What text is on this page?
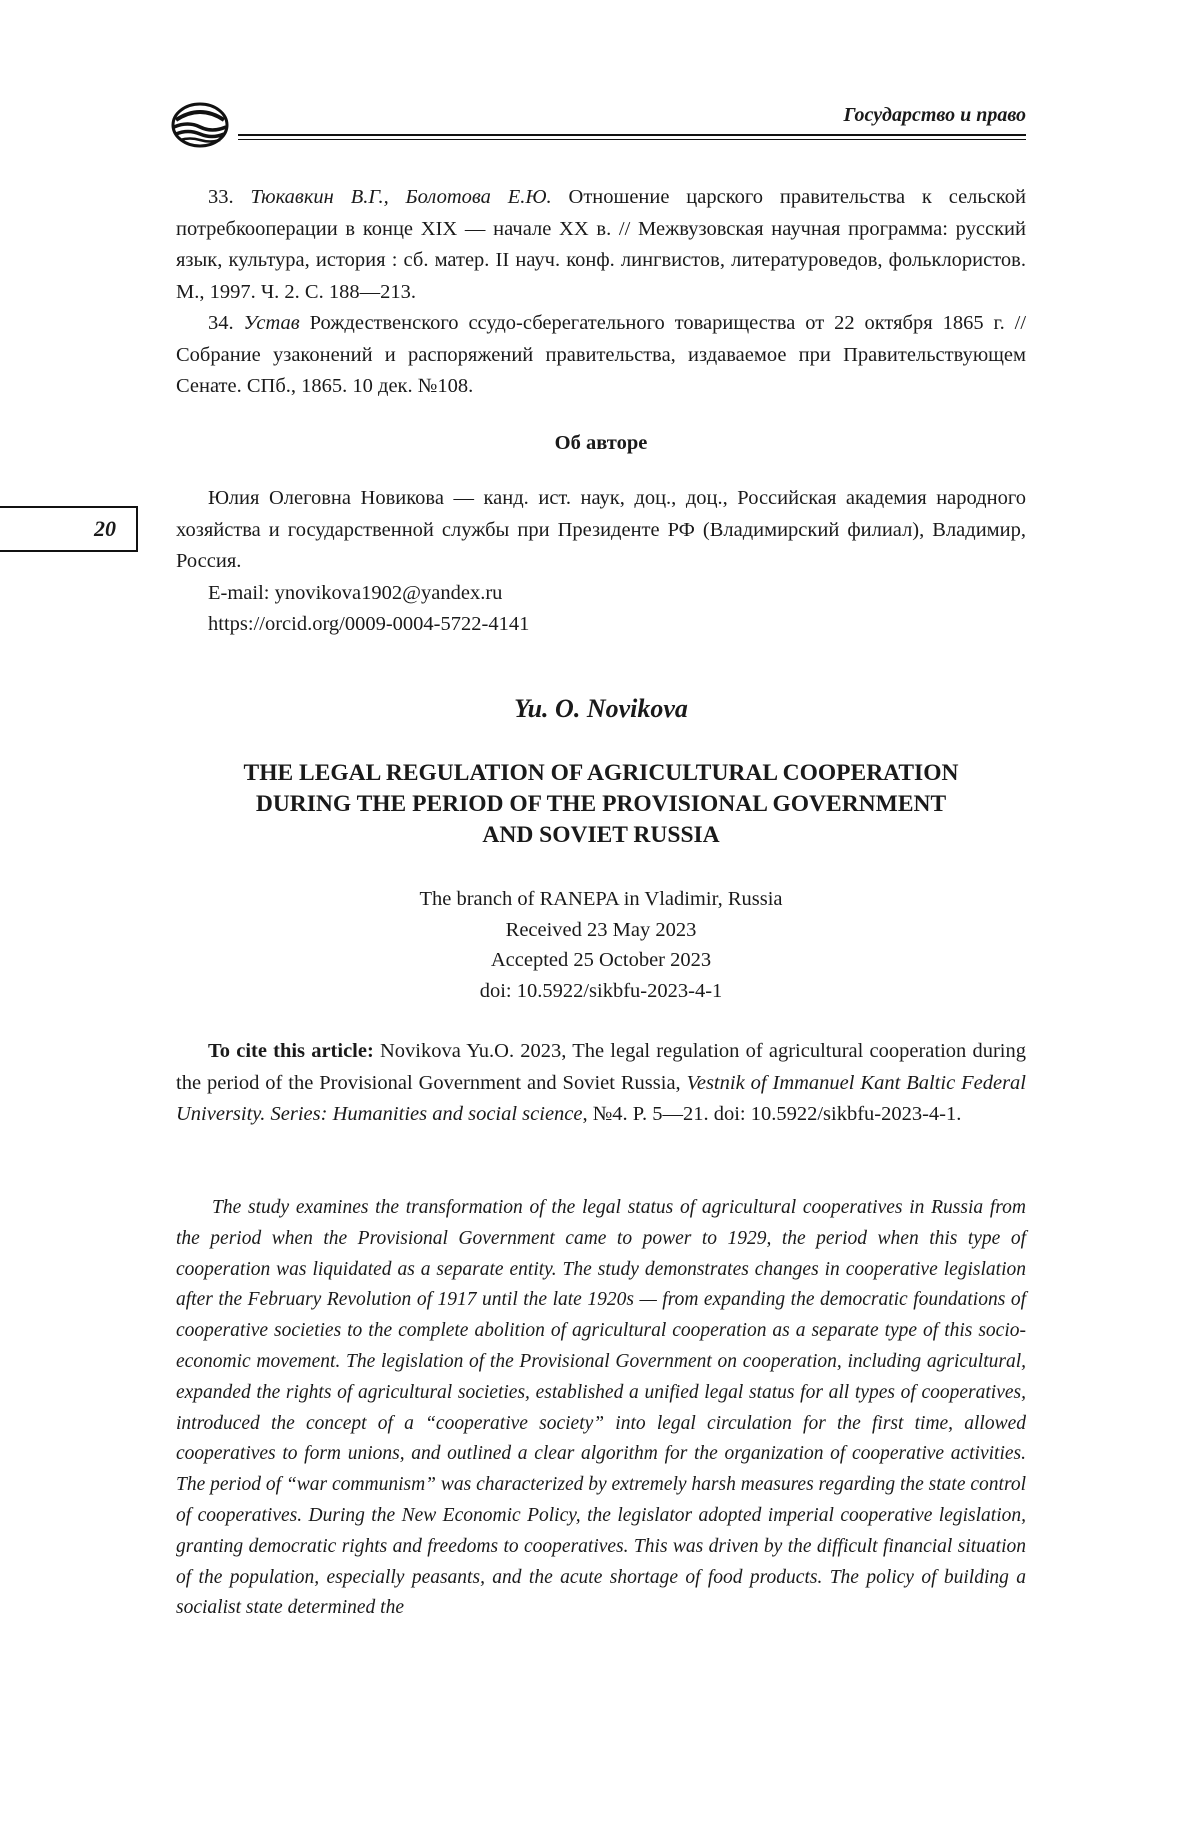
Государство и право
20

33. Тюкавкин В.Г., Болотова Е.Ю. Отношение царского правительства к сельской потребкооперации в конце XIX — начале XX в. // Межвузовская научная программа: русский язык, культура, история : сб. матер. II науч. конф. лингвистов, литературоведов, фольклористов. М., 1997. Ч. 2. С. 188—213.

34. Устав Рождественского ссудо-сберегательного товарищества от 22 октября 1865 г. // Собрание узаконений и распоряжений правительства, издаваемое при Правительствующем Сенате. СПб., 1865. 10 дек. №108.

Об авторе

Юлия Олеговна Новикова — канд. ист. наук, доц., доц., Российская академия народного хозяйства и государственной службы при Президенте РФ (Владимирский филиал), Владимир, Россия.

E-mail: ynovikova1902@yandex.ru
https://orcid.org/0009-0004-5722-4141
Yu. O. Novikova
THE LEGAL REGULATION OF AGRICULTURAL COOPERATION
DURING THE PERIOD OF THE PROVISIONAL GOVERNMENT
AND SOVIET RUSSIA
The branch of RANEPA in Vladimir, Russia
Received 23 May 2023
Accepted 25 October 2023
doi: 10.5922/sikbfu-2023-4-1
To cite this article: Novikova Yu.O. 2023, The legal regulation of agricultural cooperation during the period of the Provisional Government and Soviet Russia, Vestnik of Immanuel Kant Baltic Federal University. Series: Humanities and social science, №4. P. 5—21. doi: 10.5922/sikbfu-2023-4-1.
The study examines the transformation of the legal status of agricultural cooperatives in Russia from the period when the Provisional Government came to power to 1929, the period when this type of cooperation was liquidated as a separate entity. The study demonstrates changes in cooperative legislation after the February Revolution of 1917 until the late 1920s — from expanding the democratic foundations of cooperative societies to the complete abolition of agricultural cooperation as a separate type of this socio-economic movement. The legislation of the Provisional Government on cooperation, including agricultural, expanded the rights of agricultural societies, established a unified legal status for all types of cooperatives, introduced the concept of a “cooperative society” into legal circulation for the first time, allowed cooperatives to form unions, and outlined a clear algorithm for the organization of cooperative activities. The period of “war communism” was characterized by extremely harsh measures regarding the state control of cooperatives. During the New Economic Policy, the legislator adopted imperial cooperative legislation, granting democratic rights and freedoms to cooperatives. This was driven by the difficult financial situation of the population, especially peasants, and the acute shortage of food products. The policy of building a socialist state determined the
